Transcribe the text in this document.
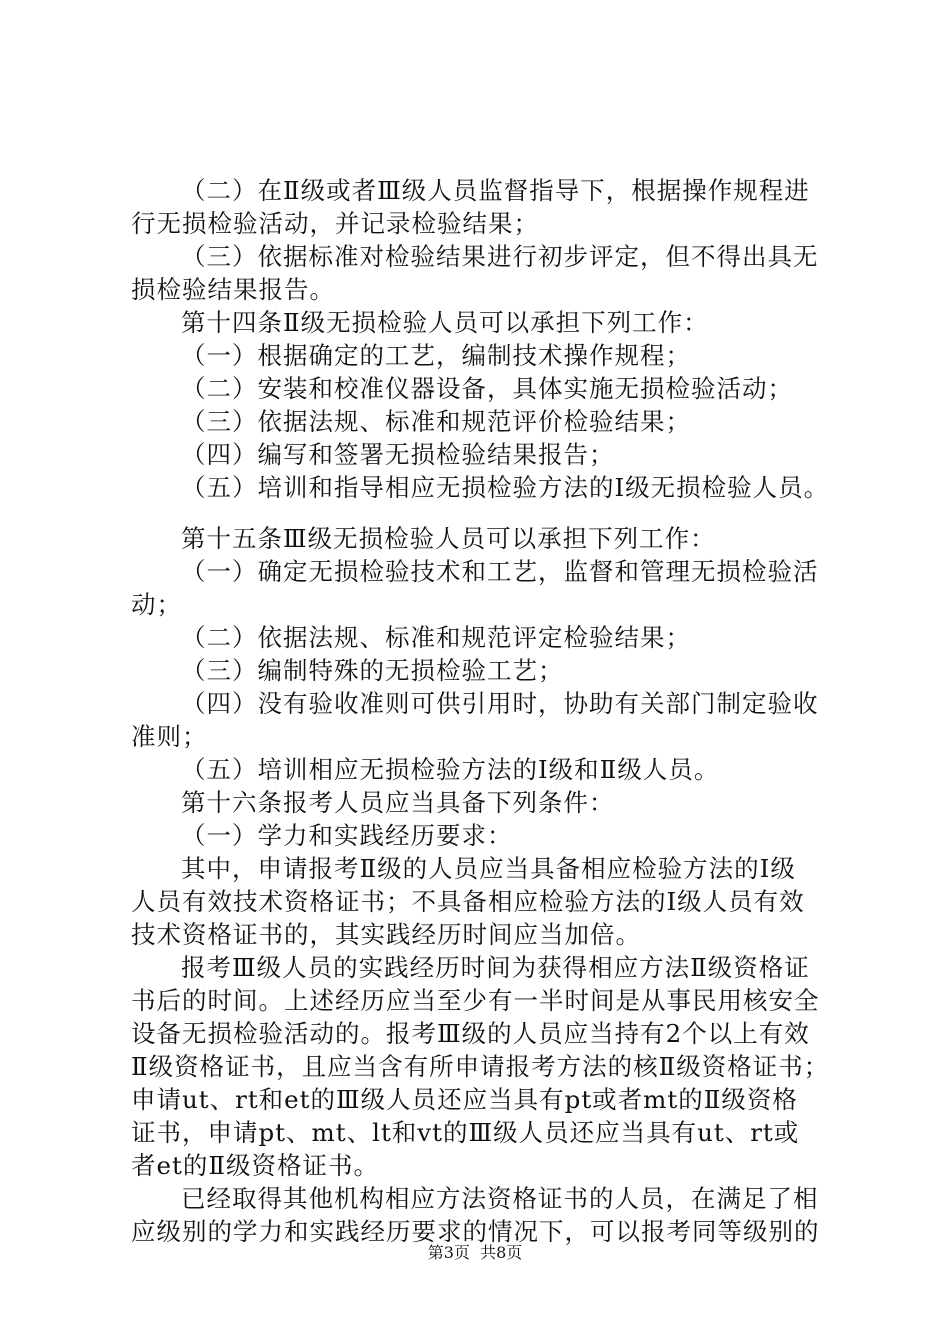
（二）在Ⅱ级或者Ⅲ级人员监督指导下，根据操作规程进
行无损检验活动，并记录检验结果；
（三）依据标准对检验结果进行初步评定，但不得出具无
损检验结果报告。
第十四条Ⅱ级无损检验人员可以承担下列工作：
（一）根据确定的工艺，编制技术操作规程；
（二）安装和校准仪器设备，具体实施无损检验活动；
（三）依据法规、标准和规范评价检验结果；
（四）编写和签署无损检验结果报告；
（五）培训和指导相应无损检验方法的Ⅰ级无损检验人员。
第十五条Ⅲ级无损检验人员可以承担下列工作：
（一）确定无损检验技术和工艺，监督和管理无损检验活
动；
（二）依据法规、标准和规范评定检验结果；
（三）编制特殊的无损检验工艺；
（四）没有验收准则可供引用时，协助有关部门制定验收
准则；
（五）培训相应无损检验方法的Ⅰ级和Ⅱ级人员。
第十六条报考人员应当具备下列条件：
（一）学力和实践经历要求：
其中，申请报考Ⅱ级的人员应当具备相应检验方法的Ⅰ级
人员有效技术资格证书；不具备相应检验方法的Ⅰ级人员有效
技术资格证书的，其实践经历时间应当加倍。
报考Ⅲ级人员的实践经历时间为获得相应方法Ⅱ级资格证
书后的时间。上述经历应当至少有一半时间是从事民用核安全
设备无损检验活动的。报考Ⅲ级的人员应当持有2个以上有效
Ⅱ级资格证书，且应当含有所申请报考方法的核Ⅱ级资格证书；
申请ut、rt和et的Ⅲ级人员还应当具有pt或者mt的Ⅱ级资格
证书，申请pt、mt、lt和vt的Ⅲ级人员还应当具有ut、rt或
者et的Ⅱ级资格证书。
已经取得其他机构相应方法资格证书的人员，在满足了相
应级别的学力和实践经历要求的情况下，可以报考同等级别的
第3页  共8页
